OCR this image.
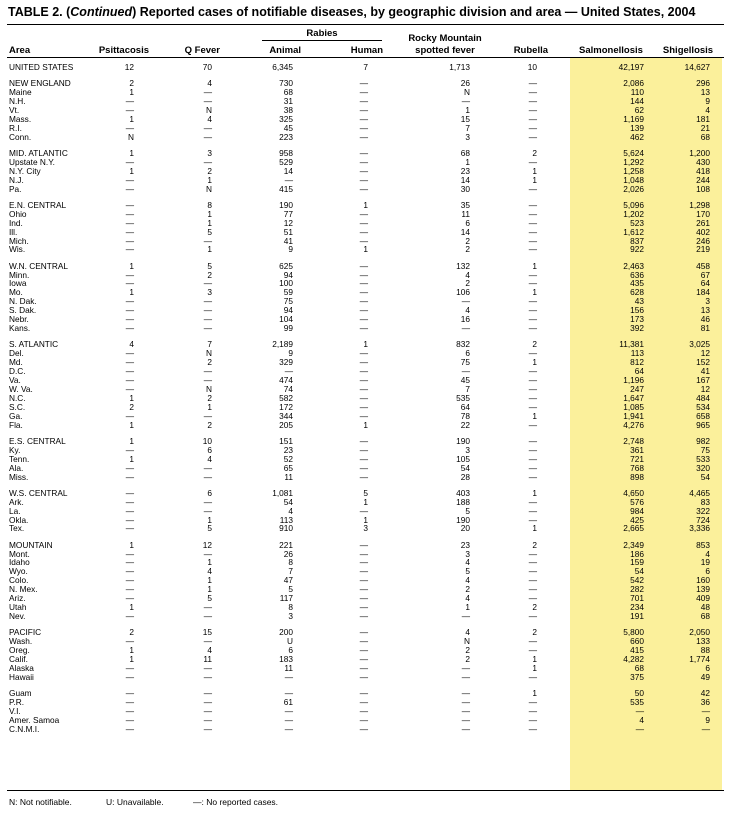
TABLE 2. (Continued) Reported cases of notifiable diseases, by geographic division and area — United States, 2004
Rabies	Rocky Mountain
Area	Psittacosis	Q Fever	Animal	Human	spotted fever	Rubella	Salmonellosis	Shigellosis
UNITED STATES	12	70	6,345	7	1,713	10	42,197	14,627
NEW ENGLAND	2	4	730	—	26	—	2,086	296
Maine	1	—	68	—	N	—	110	13
N.H.	—	—	31	—	—	—	144	9
Vt.	—	N	38	—	1	—	62	4
Mass.	1	4	325	—	15	—	1,169	181
R.I.	—	—	45	—	7	—	139	21
Conn.	N	—	223	—	3	—	462	68
MID. ATLANTIC	1	3	958	—	68	2	5,624	1,200
Upstate N.Y.	—	—	529	—	1	—	1,292	430
N.Y. City	1	2	14	—	23	1	1,258	418
N.J.	—	1	—	—	14	1	1,048	244
Pa.	—	N	415	—	30	—	2,026	108
E.N. CENTRAL	—	8	190	1	35	—	5,096	1,298
Ohio	—	1	77	—	11	—	1,202	170
Ind.	—	1	12	—	6	—	523	261
Ill.	—	5	51	—	14	—	1,612	402
Mich.	—	—	41	—	2	—	837	246
Wis.	—	1	9	1	2	—	922	219
W.N. CENTRAL	1	5	625	—	132	1	2,463	458
Minn.	—	2	94	—	4	—	636	67
Iowa	—	—	100	—	2	—	435	64
Mo.	1	3	59	—	106	1	628	184
N. Dak.	—	—	75	—	—	—	43	3
S. Dak.	—	—	94	—	4	—	156	13
Nebr.	—	—	104	—	16	—	173	46
Kans.	—	—	99	—	—	—	392	81
S. ATLANTIC	4	7	2,189	1	832	2	11,381	3,025
Del.	—	N	9	—	6	—	113	12
Md.	—	2	329	—	75	1	812	152
D.C.	—	—	—	—	—	—	64	41
Va.	—	—	474	—	45	—	1,196	167
W. Va.	—	N	74	—	7	—	247	12
N.C.	1	2	582	—	535	—	1,647	484
S.C.	2	1	172	—	64	—	1,085	534
Ga.	—	—	344	—	78	1	1,941	658
Fla.	1	2	205	1	22	—	4,276	965
E.S. CENTRAL	1	10	151	—	190	—	2,748	982
Ky.	—	6	23	—	3	—	361	75
Tenn.	1	4	52	—	105	—	721	533
Ala.	—	—	65	—	54	—	768	320
Miss.	—	—	11	—	28	—	898	54
W.S. CENTRAL	—	6	1,081	5	403	1	4,650	4,465
Ark.	—	—	54	1	188	—	576	83
La.	—	—	4	—	5	—	984	322
Okla.	—	1	113	1	190	—	425	724
Tex.	—	5	910	3	20	1	2,665	3,336
MOUNTAIN	1	12	221	—	23	2	2,349	853
Mont.	—	—	26	—	3	—	186	4
Idaho	—	1	8	—	4	—	159	19
Wyo.	—	4	7	—	5	—	54	6
Colo.	—	1	47	—	4	—	542	160
N. Mex.	—	1	5	—	2	—	282	139
Ariz.	—	5	117	—	4	—	701	409
Utah	1	—	8	—	1	2	234	48
Nev.	—	—	3	—	—	—	191	68
PACIFIC	2	15	200	—	4	2	5,800	2,050
Wash.	—	—	U	—	N	—	660	133
Oreg.	1	4	6	—	2	—	415	88
Calif.	1	11	183	—	2	1	4,282	1,774
Alaska	—	—	11	—	—	1	68	6
Hawaii	—	—	—	—	—	—	375	49
Guam	—	—	—	—	—	1	50	42
P.R.	—	—	61	—	—	—	535	36
V.I.	—	—	—	—	—	—	—	—
Amer. Samoa	—	—	—	—	—	—	4	9
C.N.M.I.	—	—	—	—	—	—	—	—
N: Not notifiable.	U: Unavailable.	—: No reported cases.
